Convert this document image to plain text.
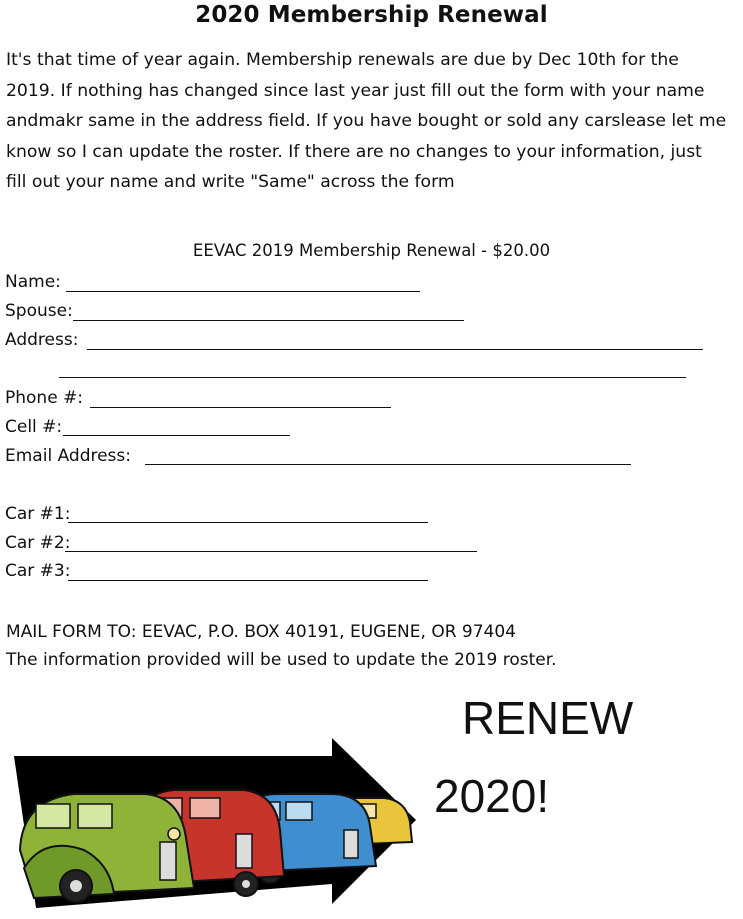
2020 Membership Renewal
It's that time of year again. Membership renewals are due by Dec 10th for the
2019. If nothing has changed since last year just fill out the form with your name
andmakr same in the address field. If you have bought or sold any carslease let me
know so I can update the roster. If there are no changes to your information, just
fill out your name and write "Same" across the form
EEVAC 2019 Membership Renewal - $20.00
Name:
Spouse:
Address:
Phone #:
Cell #:
Email Address:
Car #1:
Car #2:
Car #3:
MAIL FORM TO: EEVAC, P.O. BOX 40191, EUGENE, OR 97404
The information provided will be used to update the 2019 roster.
RENEW
2020!
